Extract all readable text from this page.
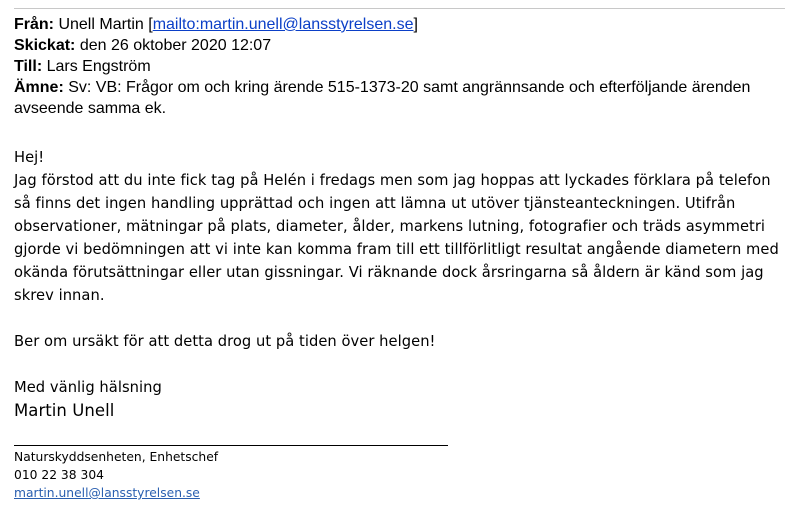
Från: Unell Martin [mailto:martin.unell@lansstyrelsen.se]
Skickat: den 26 oktober 2020 12:07
Till: Lars Engström
Ämne: Sv: VB: Frågor om och kring ärende 515-1373-20 samt angrännsande och efterföljande ärenden avseende samma ek.

Hej!

Jag förstod att du inte fick tag på Helén i fredags men som jag hoppas att lyckades förklara på telefon så finns det ingen handling upprättad och ingen att lämna ut utöver tjänsteanteckningen. Utifrån observationer, mätningar på plats, diameter, ålder, markens lutning, fotografier och träds asymmetri gjorde vi bedömningen att vi inte kan komma fram till ett tillförlitligt resultat angående diametern med okända förutsättningar eller utan gissningar. Vi räknande dock årsringarna så åldern är känd som jag skrev innan.

Ber om ursäkt för att detta drog ut på tiden över helgen!

Med vänlig hälsning

Martin Unell

Naturskyddsenheten, Enhetschef
010 22 38 304
martin.unell@lansstyrelsen.se
